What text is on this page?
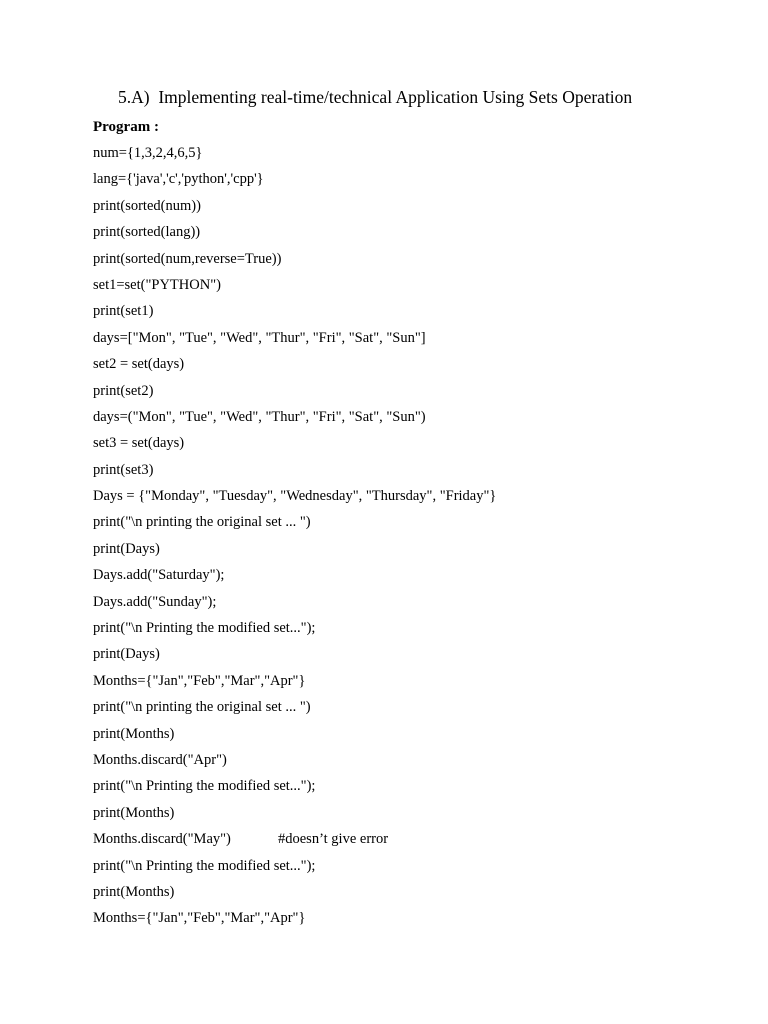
5.A)  Implementing real-time/technical Application Using Sets Operation
Program :
num={1,3,2,4,6,5}
lang={'java','c','python','cpp'}
print(sorted(num))
print(sorted(lang))
print(sorted(num,reverse=True))
set1=set("PYTHON")
print(set1)
days=["Mon", "Tue", "Wed", "Thur", "Fri", "Sat", "Sun"]
set2 = set(days)
print(set2)
days=("Mon", "Tue", "Wed", "Thur", "Fri", "Sat", "Sun")
set3 = set(days)
print(set3)
Days = {"Monday", "Tuesday", "Wednesday", "Thursday", "Friday"}
print("\n printing the original set ... ")
print(Days)
Days.add("Saturday");
Days.add("Sunday");
print("\n Printing the modified set...");
print(Days)
Months={"Jan","Feb","Mar","Apr"}
print("\n printing the original set ... ")
print(Months)
Months.discard("Apr")
print("\n Printing the modified set...");
print(Months)
Months.discard("May")	#doesn’t give error
print("\n Printing the modified set...");
print(Months)
Months={"Jan","Feb","Mar","Apr"}
